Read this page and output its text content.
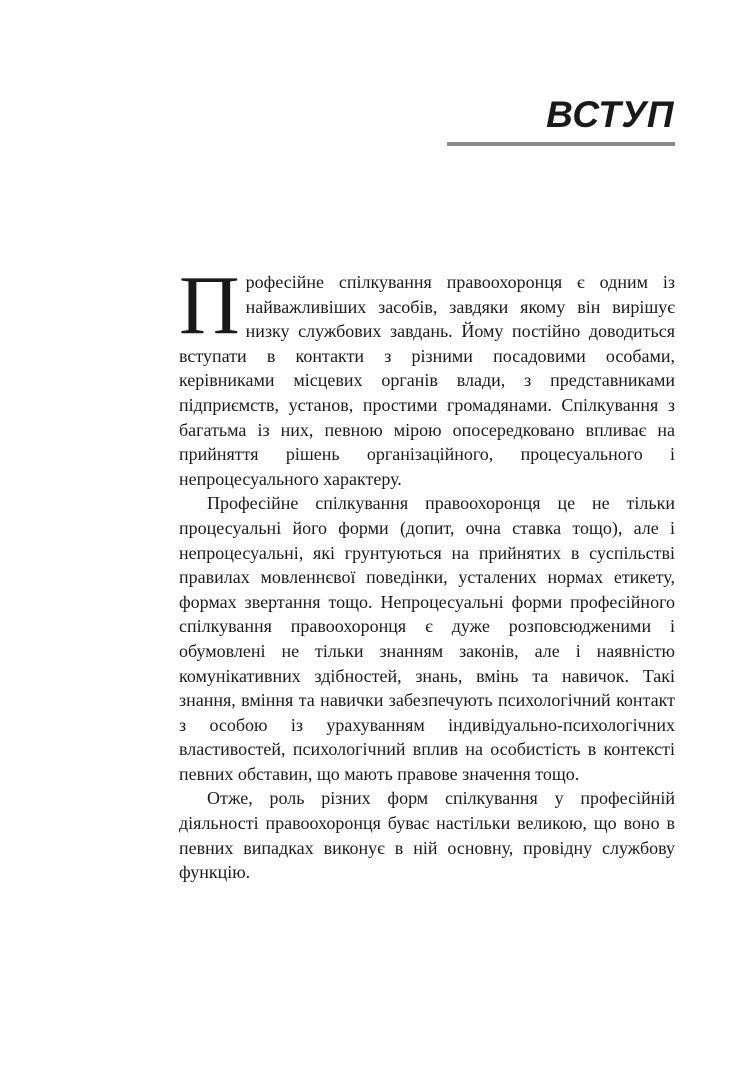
ВСТУП

Професійне спілкування правоохоронця є одним із найважливіших засобів, завдяки якому він вирішує низку службових завдань. Йому постійно доводиться вступати в контакти з різними посадовими особами, керівниками місцевих органів влади, з представниками підприємств, установ, простими громадянами. Спілкування з багатьма із них, певною мірою опосередковано впливає на прийняття рішень організаційного, процесуального і непроцесуального характеру.

Професійне спілкування правоохоронця це не тільки процесуальні його форми (допит, очна ставка тощо), але і непроцесуальні, які грунтуються на прийнятих в суспільстві правилах мовленнєвої поведінки, усталених нормах етикету, формах звертання тощо. Непроцесуальні форми професійного спілкування правоохоронця є дуже розповсюдженими і обумовлені не тільки знанням законів, але і наявністю комунікативних здібностей, знань, вмінь та навичок. Такі знання, вміння та навички забезпечують психологічний контакт з особою із урахуванням індивідуально-психологічних властивостей, психологічний вплив на особистість в контексті певних обставин, що мають правове значення тощо.

Отже, роль різних форм спілкування у професійній діяльності правоохоронця буває настільки великою, що воно в певних випадках виконує в ній основну, провідну службову функцію.
